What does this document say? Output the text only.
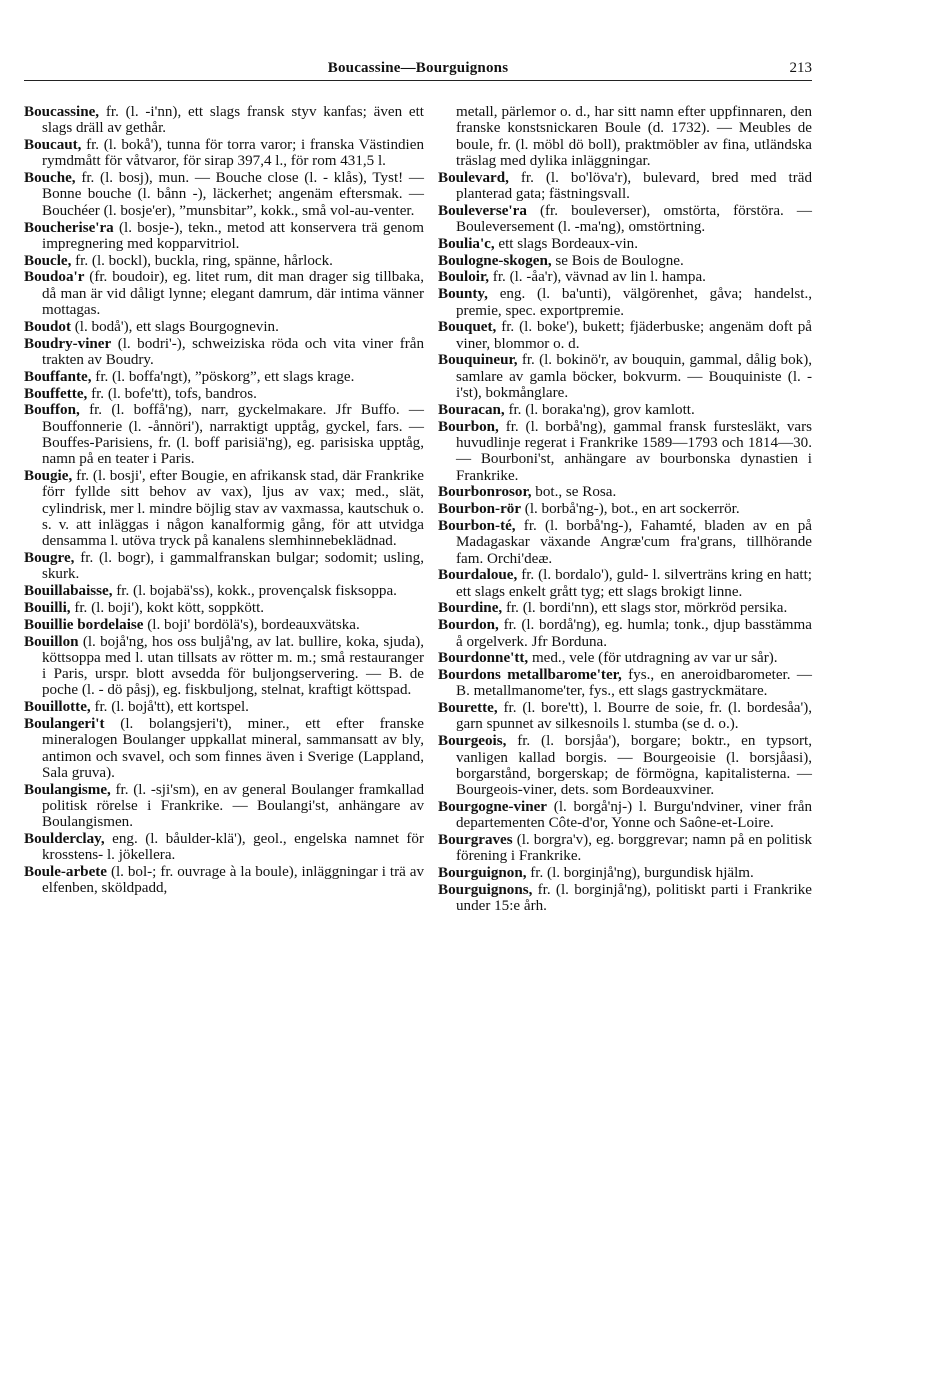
Boucassine—Bourguignons	213

Boucassine, fr. (l. -i'nn), ett slags fransk styv kanfas; även ett slags dräll av gethår.

Boucaut, fr. (l. bokå'), tunna för torra varor; i franska Västindien rymdmått för våtvaror, för sirap 397,4 l., för rom 431,5 l.

Bouche, fr. (l. bosj), mun. — Bouche close (l. - klås), Tyst! — Bonne bouche (l. bånn -), läckerhet; angenäm eftersmak. — Bouchéer (l. bosje'er), ”munsbitar”, kokk., små vol-au-venter.

Boucherise'ra (l. bosje-), tekn., metod att konservera trä genom impregnering med kopparvitriol.

Boucle, fr. (l. bockl), buckla, ring, spänne, hårlock.

Boudoa'r (fr. boudoir), eg. litet rum, dit man drager sig tillbaka, då man är vid dåligt lynne; elegant damrum, där intima vänner mottagas.

Boudot (l. bodå'), ett slags Bourgognevin.

Boudry-viner (l. bodri'-), schweiziska röda och vita viner från trakten av Boudry.

Bouffante, fr. (l. boffa'ngt), ”pöskorg”, ett slags krage.

Bouffette, fr. (l. bofe'tt), tofs, bandros.

Bouffon, fr. (l. boffå'ng), narr, gyckelmakare. Jfr Buffo. — Bouffonnerie (l. -ånnöri'), narraktigt upptåg, gyckel, fars. — Bouffes-Parisiens, fr. (l. boff parisiä'ng), eg. parisiska upptåg, namn på en teater i Paris.

Bougie, fr. (l. bosji', efter Bougie, en afrikansk stad, där Frankrike förr fyllde sitt behov av vax), ljus av vax; med., slät, cylindrisk, mer l. mindre böjlig stav av vaxmassa, kautschuk o. s. v. att inläggas i någon kanalformig gång, för att utvidga densamma l. utöva tryck på kanalens slemhinnebeklädnad.

Bougre, fr. (l. bogr), i gammalfranskan bulgar; sodomit; usling, skurk.

Bouillabaisse, fr. (l. bojabä'ss), kokk., provençalsk fisksoppa.

Bouilli, fr. (l. boji'), kokt kött, soppkött.

Bouillie bordelaise (l. boji' bordölä's), bordeauxvätska.

Bouillon (l. bojå'ng, hos oss buljå'ng, av lat. bullire, koka, sjuda), köttsoppa med l. utan tillsats av rötter m. m.; små restauranger i Paris, urspr. blott avsedda för buljongservering. — B. de poche (l. - dö påsj), eg. fiskbuljong, stelnat, kraftigt köttspad.

Bouillotte, fr. (l. bojå'tt), ett kortspel.

Boulangeri't (l. bolangsjeri't), miner., ett efter franske mineralogen Boulanger uppkallat mineral, sammansatt av bly, antimon och svavel, och som finnes även i Sverige (Lappland, Sala gruva).

Boulangisme, fr. (l. -sji'sm), en av general Boulanger framkallad politisk rörelse i Frankrike. — Boulangi'st, anhängare av Boulangismen.

Boulderclay, eng. (l. båulder-klä'), geol., engelska namnet för krosstens- l. jökellera.

Boule-arbete (l. bol-; fr. ouvrage à la boule), inläggningar i trä av elfenben, sköldpadd,

metall, pärlemor o. d., har sitt namn efter uppfinnaren, den franske konstsnickaren Boule (d. 1732). — Meubles de boule, fr. (l. möbl dö boll), praktmöbler av fina, utländska träslag med dylika inläggningar.

Boulevard, fr. (l. bo'löva'r), bulevard, bred med träd planterad gata; fästningsvall.

Bouleverse'ra (fr. bouleverser), omstörta, förstöra. — Bouleversement (l. -ma'ng), omstörtning.

Boulia'c, ett slags Bordeaux-vin.

Boulogne-skogen, se Bois de Boulogne.

Bouloir, fr. (l. -åa'r), vävnad av lin l. hampa.

Bounty, eng. (l. ba'unti), välgörenhet, gåva; handelst., premie, spec. exportpremie.

Bouquet, fr. (l. boke'), bukett; fjäderbuske; angenäm doft på viner, blommor o. d.

Bouquineur, fr. (l. bokinö'r, av bouquin, gammal, dålig bok), samlare av gamla böcker, bokvurm. — Bouquiniste (l. -i'st), bokmånglare.

Bouracan, fr. (l. boraka'ng), grov kamlott.

Bourbon, fr. (l. borbå'ng), gammal fransk furstesläkt, vars huvudlinje regerat i Frankrike 1589—1793 och 1814—30. — Bourboni'st, anhängare av bourbonska dynastien i Frankrike.

Bourbonrosor, bot., se Rosa.

Bourbon-rör (l. borbå'ng-), bot., en art sockerrör.

Bourbon-té, fr. (l. borbå'ng-), Fahamté, bladen av en på Madagaskar växande Angræ'cum fra'grans, tillhörande fam. Orchi'deæ.

Bourdaloue, fr. (l. bordalo'), guld- l. silverträns kring en hatt; ett slags enkelt grått tyg; ett slags brokigt linne.

Bourdine, fr. (l. bordi'nn), ett slags stor, mörkröd persika.

Bourdon, fr. (l. bordå'ng), eg. humla; tonk., djup basstämma å orgelverk. Jfr Borduna.

Bourdonne'tt, med., vele (för utdragning av var ur sår).

Bourdons metallbarome'ter, fys., en aneroidbarometer. — B. metallmanome'ter, fys., ett slags gastryckmätare.

Bourette, fr. (l. bore'tt), l. Bourre de soie, fr. (l. bordesåa'), garn spunnet av silkesnoils l. stumba (se d. o.).

Bourgeois, fr. (l. borsjåa'), borgare; boktr., en typsort, vanligen kallad borgis. — Bourgeoisie (l. borsjåasi), borgarstånd, borgerskap; de förmögna, kapitalisterna. — Bourgeois-viner, dets. som Bordeauxviner.

Bourgogne-viner (l. borgå'nj-) l. Burgu'ndviner, viner från departementen Côte-d'or, Yonne och Saône-et-Loire.

Bourgraves (l. borgra'v), eg. borggrevar; namn på en politisk förening i Frankrike.

Bourguignon, fr. (l. borginjå'ng), burgundisk hjälm.

Bourguignons, fr. (l. borginjå'ng), politiskt parti i Frankrike under 15:e årh.
